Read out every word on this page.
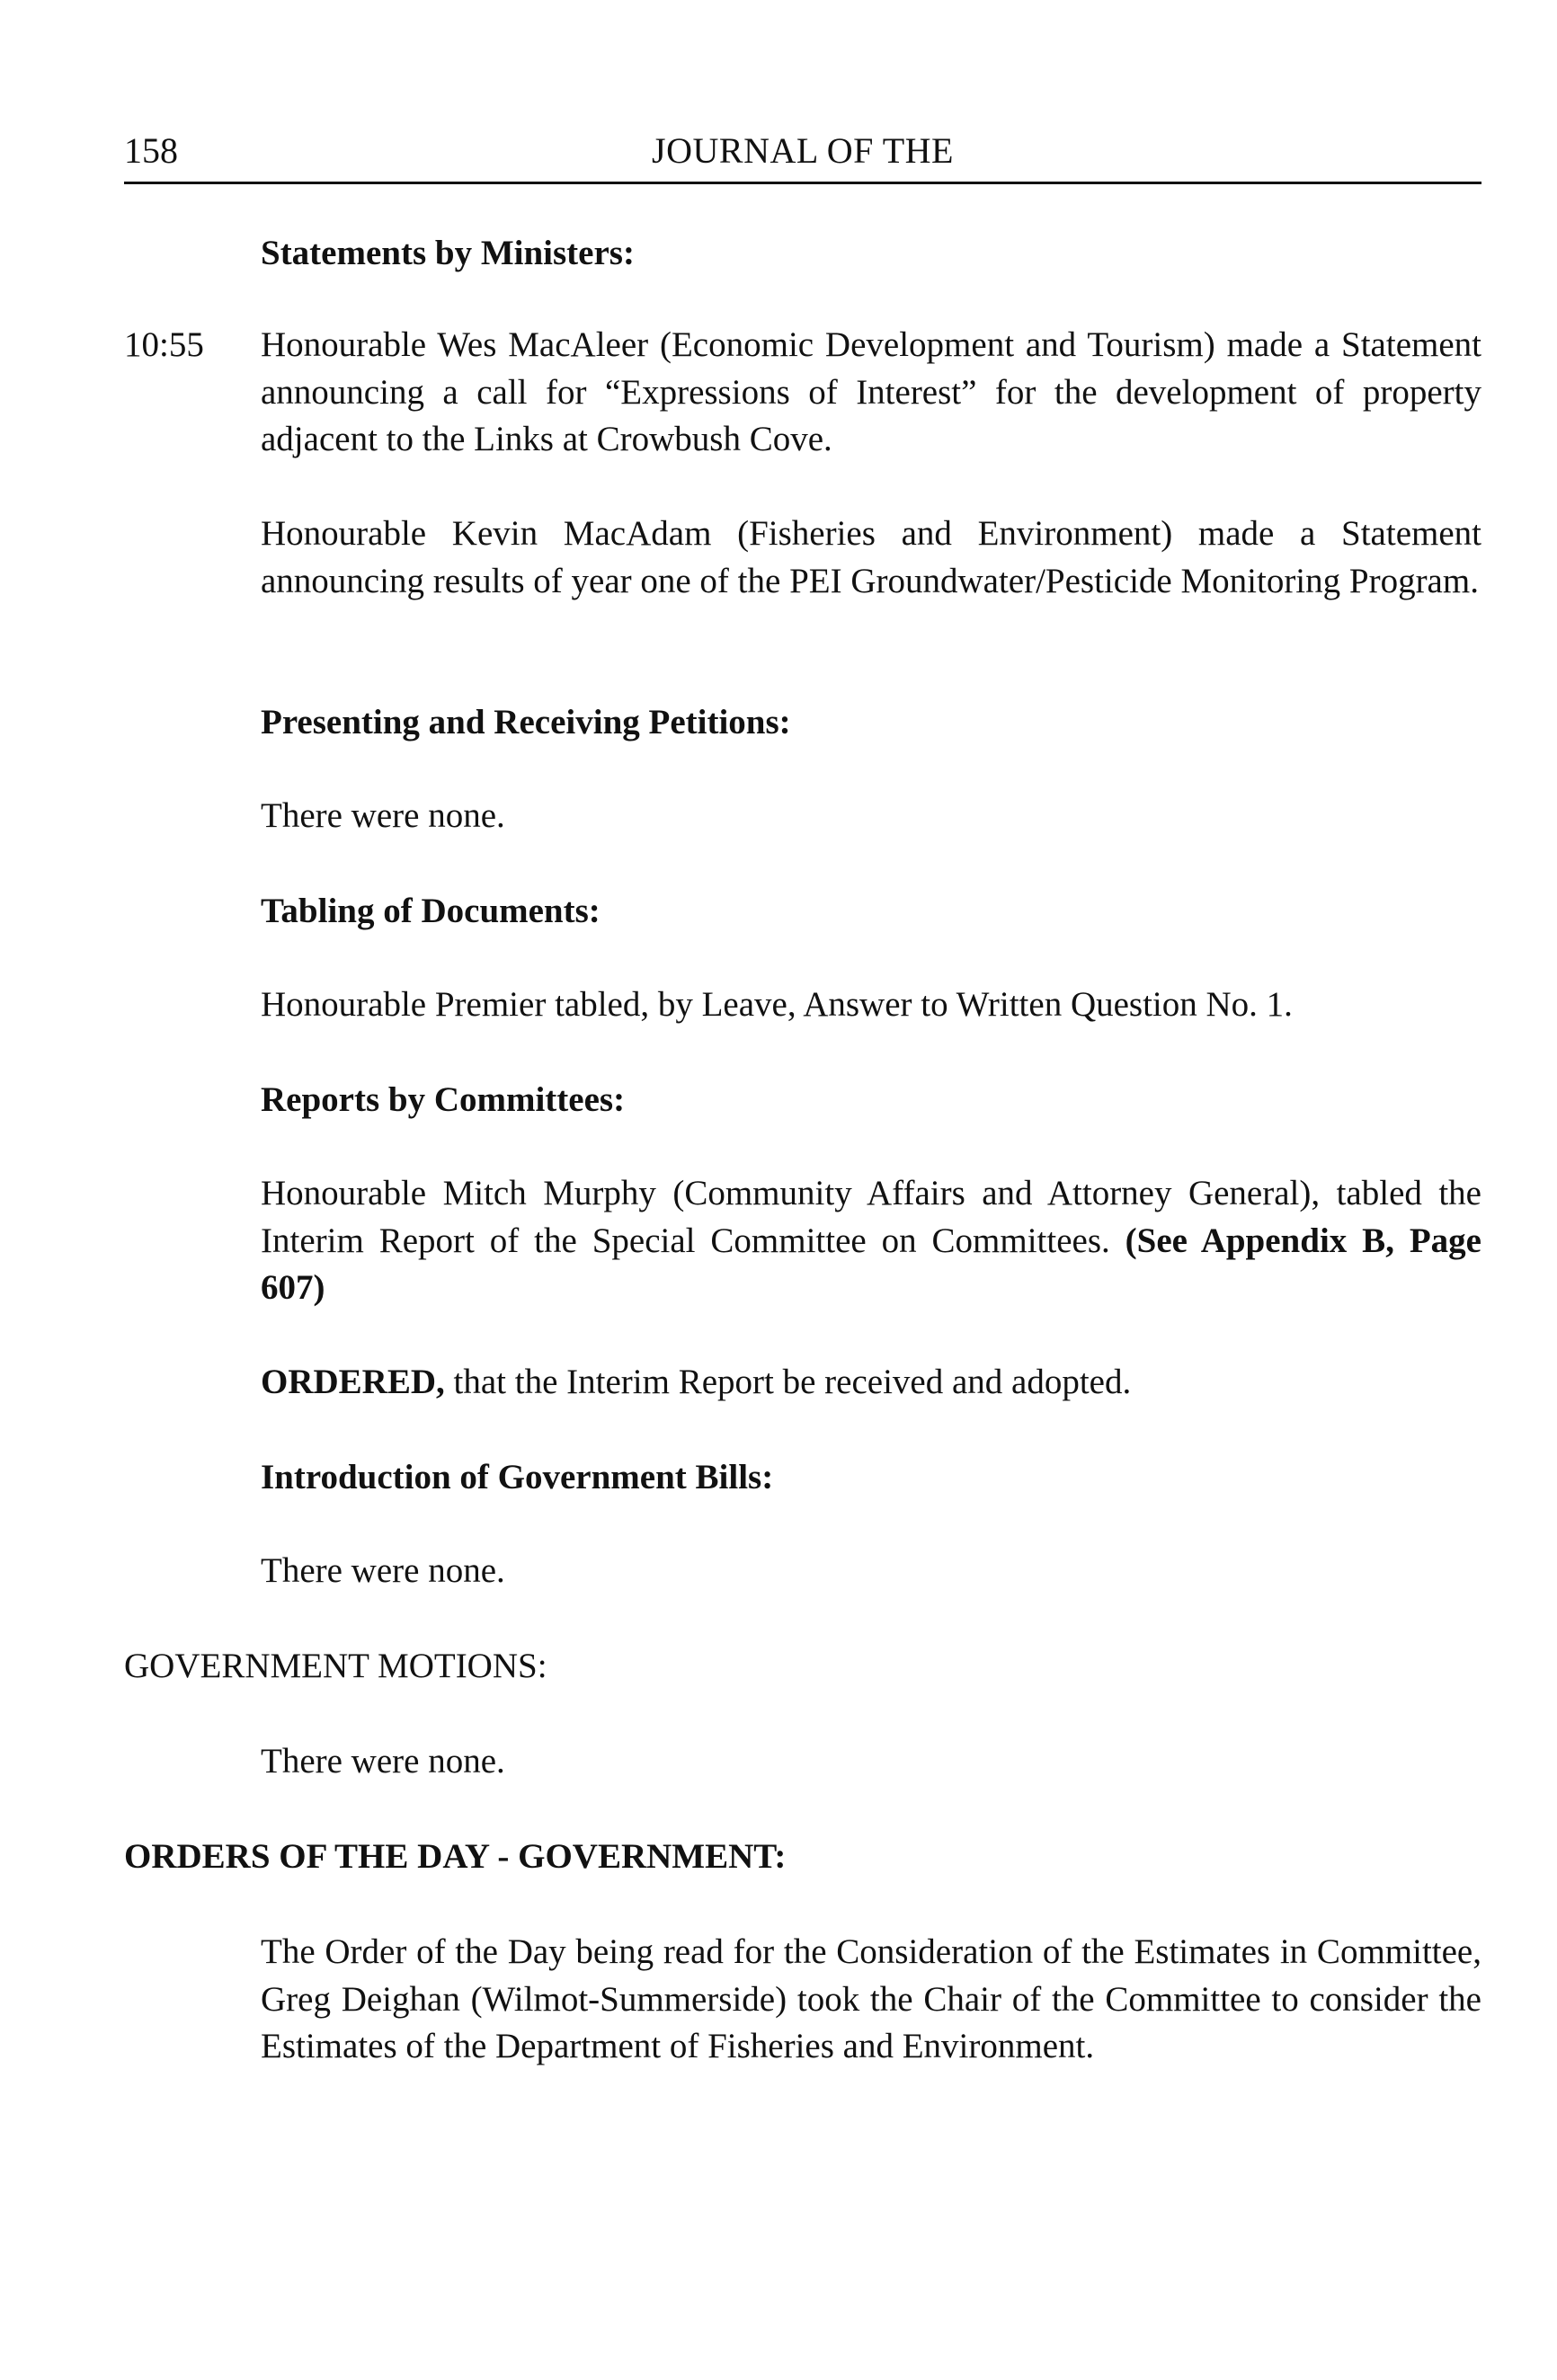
158	JOURNAL OF THE
Statements by Ministers:
10:55 Honourable Wes MacAleer (Economic Development and Tourism) made a Statement announcing a call for “Expressions of Interest” for the development of property adjacent to the Links at Crowbush Cove.

Honourable Kevin MacAdam (Fisheries and Environment) made a Statement announcing results of year one of the PEI Groundwater/Pesticide Monitoring Program.

Presenting and Receiving Petitions:

There were none.

Tabling of Documents:

Honourable Premier tabled, by Leave, Answer to Written Question No. 1.

Reports by Committees:

Honourable Mitch Murphy (Community Affairs and Attorney General), tabled the Interim Report of the Special Committee on Committees. (See Appendix B, Page 607)

ORDERED, that the Interim Report be received and adopted.

Introduction of Government Bills:

There were none.

GOVERNMENT MOTIONS:

There were none.

ORDERS OF THE DAY - GOVERNMENT:

The Order of the Day being read for the Consideration of the Estimates in Committee, Greg Deighan (Wilmot-Summerside) took the Chair of the Committee to consider the Estimates of the Department of Fisheries and Environment.
